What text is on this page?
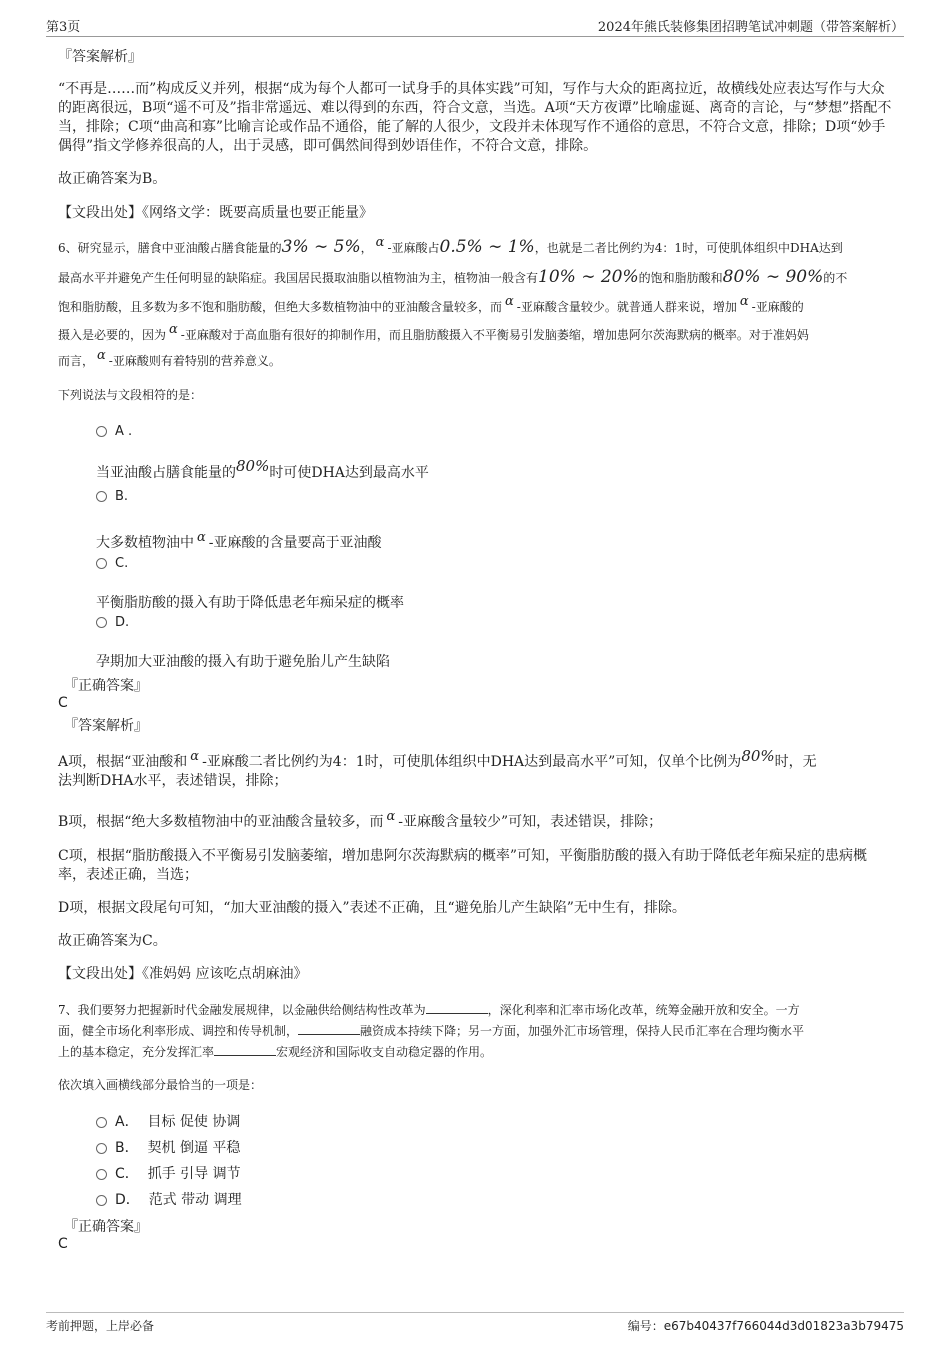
第3页	2024年熊氏装修集团招聘笔试冲刺题（带答案解析）
『答案解析』
“不再是……而”构成反义并列，根据“成为每个人都可一试身手的具体实践”可知，写作与大众的距离拉近，故横线处应表达写作与大众的距离很远，B项“遥不可及”指非常遥远、难以得到的东西，符合文意，当选。A项“天方夜谭”比喻虚诞、离奇的言论，与“梦想”搭配不当，排除；C项“曲高和寡”比喻言论或作品不通俗，能了解的人很少，文段并未体现写作不通俗的意思，不符合文意，排除；D项“妙手偶得”指文学修养很高的人，出于灵感，即可偶然间得到妙语佳作，不符合文意，排除。
故正确答案为B。
【文段出处】《网络文学：既要高质量也要正能量》
6、研究显示，膳食中亚油酸占膳食能量的3% ∼ 5%， α -亚麻酸占0.5% ∼ 1%，也就是二者比例约为4：1时，可使肌体组织中DHA达到
最高水平并避免产生任何明显的缺陷症。我国居民摄取油脂以植物油为主，植物油一般含有10% ∼ 20%的饱和脂肪酸和80% ∼ 90%的不
饱和脂肪酸，且多数为多不饱和脂肪酸，但绝大多数植物油中的亚油酸含量较多，而 α -亚麻酸含量较少。就普通人群来说，增加 α -亚麻酸的
摄入是必要的，因为 α -亚麻酸对于高血脂有很好的抑制作用，而且脂肪酸摄入不平衡易引发脑萎缩，增加患阿尔茨海默病的概率。对于准妈妈
而言， α -亚麻酸则有着特别的营养意义。
下列说法与文段相符的是：
A .
当亚油酸占膳食能量的80%时可使DHA达到最高水平
B.
大多数植物油中 α -亚麻酸的含量要高于亚油酸
C.
平衡脂肪酸的摄入有助于降低患老年痴呆症的概率
D.
孕期加大亚油酸的摄入有助于避免胎儿产生缺陷
『正确答案』
C
『答案解析』
A项，根据“亚油酸和 α -亚麻酸二者比例约为4：1时，可使肌体组织中DHA达到最高水平”可知，仅单个比例为80%时，无
法判断DHA水平，表述错误，排除；
B项，根据“绝大多数植物油中的亚油酸含量较多，而 α -亚麻酸含量较少”可知，表述错误，排除；
C项，根据“脂肪酸摄入不平衡易引发脑萎缩，增加患阿尔茨海默病的概率”可知，平衡脂肪酸的摄入有助于降低老年痴呆症的患病概率，表述正确，当选；
D项，根据文段尾句可知，“加大亚油酸的摄入”表述不正确，且“避免胎儿产生缺陷”无中生有，排除。
故正确答案为C。
【文段出处】《准妈妈 应该吃点胡麻油》
7、我们要努力把握新时代金融发展规律，以金融供给侧结构性改革为	，深化利率和汇率市场化改革，统筹金融开放和安全。一方
面，健全市场化利率形成、调控和传导机制，	融资成本持续下降；另一方面，加强外汇市场管理，保持人民币汇率在合理均衡水平
上的基本稳定，充分发挥汇率	宏观经济和国际收支自动稳定器的作用。
依次填入画横线部分最恰当的一项是：
A． 目标 促使 协调
B． 契机 倒逼 平稳
C． 抓手 引导 调节
D． 范式 带动 调理
『正确答案』
C
考前押题，上岸必备	编号：e67b40437f766044d3d01823a3b79475
